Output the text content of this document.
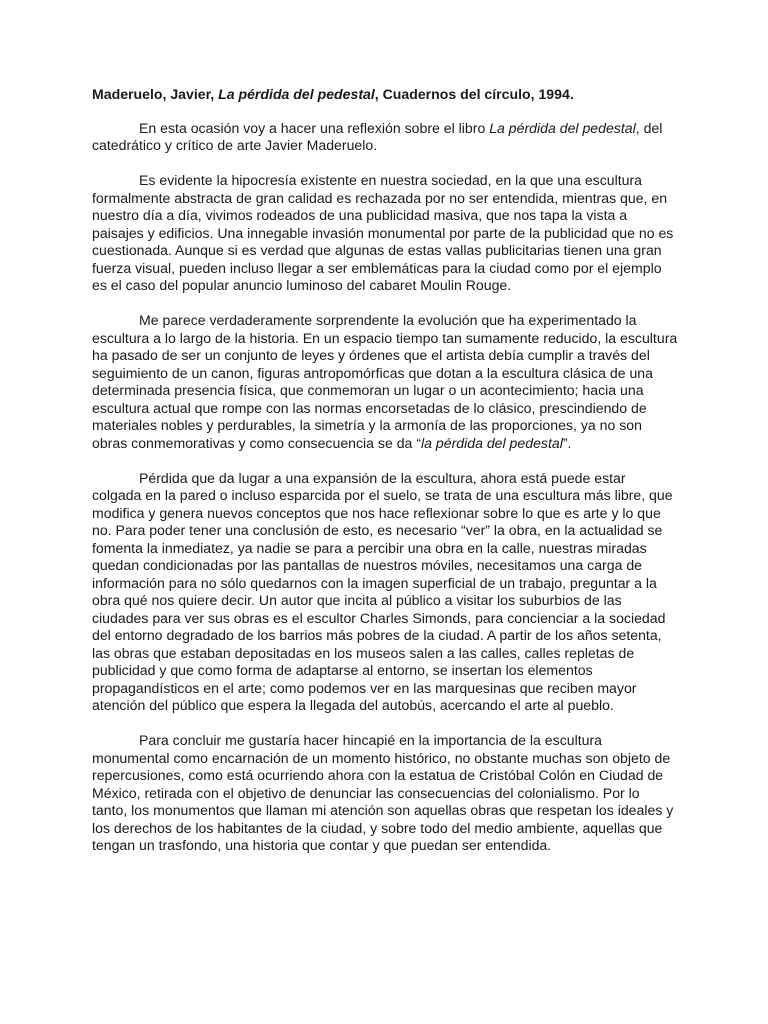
Maderuelo, Javier, La pérdida del pedestal, Cuadernos del círculo, 1994.

En esta ocasión voy a hacer una reflexión sobre el libro La pérdida del pedestal, del catedrático y crítico de arte Javier Maderuelo.

Es evidente la hipocresía existente en nuestra sociedad, en la que una escultura formalmente abstracta de gran calidad es rechazada por no ser entendida, mientras que, en nuestro día a día, vivimos rodeados de una publicidad masiva, que nos tapa la vista a paisajes y edificios. Una innegable invasión monumental por parte de la publicidad que no es cuestionada. Aunque si es verdad que algunas de estas vallas publicitarias tienen una gran fuerza visual, pueden incluso llegar a ser emblemáticas para la ciudad como por el ejemplo es el caso del popular anuncio luminoso del cabaret Moulin Rouge.

Me parece verdaderamente sorprendente la evolución que ha experimentado la escultura a lo largo de la historia. En un espacio tiempo tan sumamente reducido, la escultura ha pasado de ser un conjunto de leyes y órdenes que el artista debía cumplir a través del seguimiento de un canon, figuras antropomórficas que dotan a la escultura clásica de una determinada presencia física, que conmemoran un lugar o un acontecimiento; hacia una escultura actual que rompe con las normas encorsetadas de lo clásico, prescindiendo de materiales nobles y perdurables, la simetría y la armonía de las proporciones, ya no son obras conmemorativas y como consecuencia se da “la pérdida del pedestal”.

Pérdida que da lugar a una expansión de la escultura, ahora está puede estar colgada en la pared o incluso esparcida por el suelo, se trata de una escultura más libre, que modifica y genera nuevos conceptos que nos hace reflexionar sobre lo que es arte y lo que no. Para poder tener una conclusión de esto, es necesario “ver” la obra, en la actualidad se fomenta la inmediatez, ya nadie se para a percibir una obra en la calle, nuestras miradas quedan condicionadas por las pantallas de nuestros móviles, necesitamos una carga de información para no sólo quedarnos con la imagen superficial de un trabajo, preguntar a la obra qué nos quiere decir. Un autor que incita al público a visitar los suburbios de las ciudades para ver sus obras es el escultor Charles Simonds, para concienciar a la sociedad del entorno degradado de los barrios más pobres de la ciudad. A partir de los años setenta, las obras que estaban depositadas en los museos salen a las calles, calles repletas de publicidad y que como forma de adaptarse al entorno, se insertan los elementos propagandísticos en el arte; como podemos ver en las marquesinas que reciben mayor atención del público que espera la llegada del autobús, acercando el arte al pueblo.

Para concluir me gustaría hacer hincapié en la importancia de la escultura monumental como encarnación de un momento histórico, no obstante muchas son objeto de repercusiones, como está ocurriendo ahora con la estatua de Cristóbal Colón en Ciudad de México, retirada con el objetivo de denunciar las consecuencias del colonialismo. Por lo tanto, los monumentos que llaman mi atención son aquellas obras que respetan los ideales y los derechos de los habitantes de la ciudad, y sobre todo del medio ambiente, aquellas que tengan un trasfondo, una historia que contar y que puedan ser entendida.
